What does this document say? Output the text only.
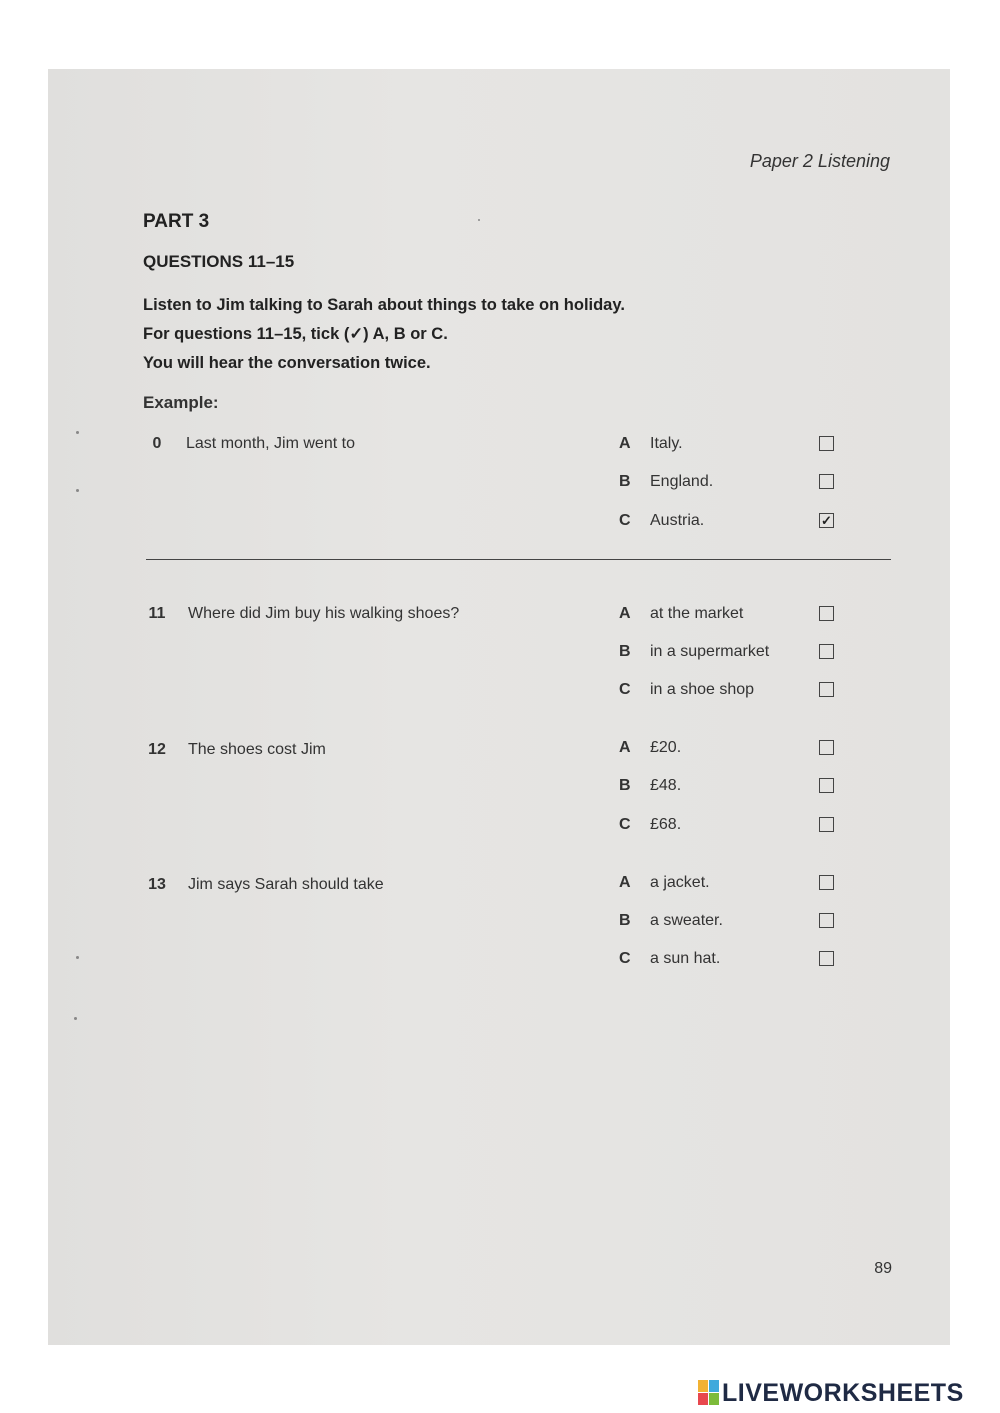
Paper 2 Listening
PART 3
QUESTIONS 11–15
Listen to Jim talking to Sarah about things to take on holiday.
For questions 11–15, tick (✓) A, B or C.
You will hear the conversation twice.
Example:
0	Last month, Jim went to	A Italy.
B England.
C Austria.	✓
11 Where did Jim buy his walking shoes?	A at the market
B in a supermarket
C in a shoe shop
12 The shoes cost Jim	A £20.
B £48.
C £68.
13 Jim says Sarah should take	A a jacket.
B a sweater.
C a sun hat.
89
LIVEWORKSHEETS
